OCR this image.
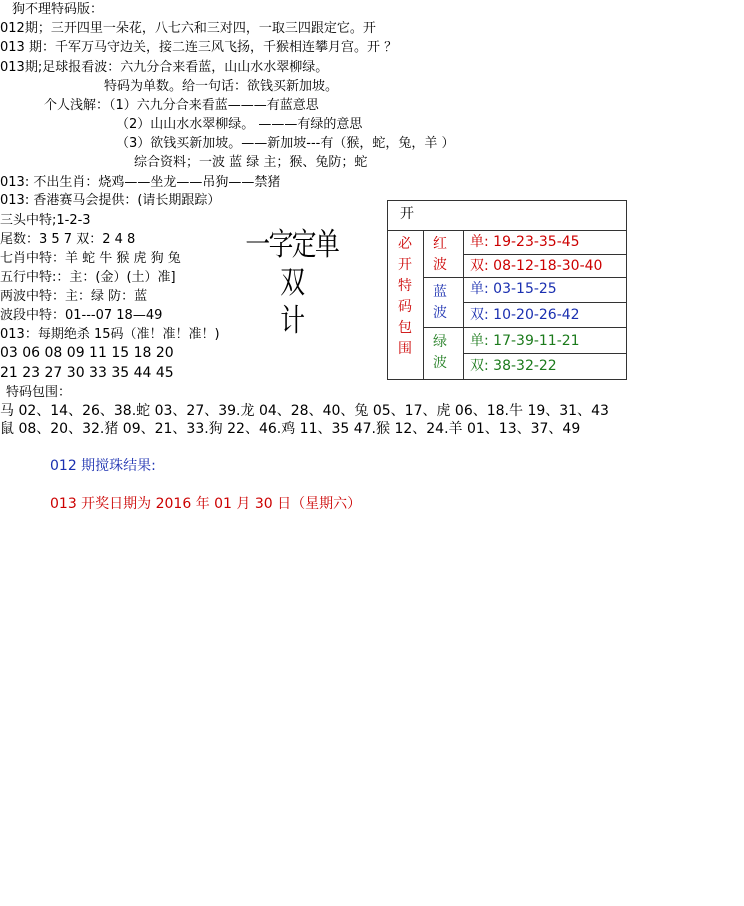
狗不理特码版：
012期；三开四里一朵花，八七六和三对四，一取三四跟定它。开
013 期：千军万马守边关，接二连三风飞扬，千猴相连攀月宫。开 ？
013期;足球报看波：六九分合来看蓝，山山水水翠柳绿。
特码为单数。给一句话：欲钱买新加坡。
个人浅解：（1）六九分合来看蓝———有蓝意思
（2）山山水水翠柳绿。 ———有绿的意思
（3）欲钱买新加坡。——新加坡---有（猴，蛇，兔，羊 ）
综合资料；一波 蓝 绿 主；猴、兔防；蛇
013: 不出生肖：烧鸡——坐龙——吊狗——禁猪
013: 香港赛马会提供：(请长期跟踪）
三头中特;1-2-3
尾数：3 5 7 双：2 4 8
七肖中特：羊 蛇 牛 猴 虎 狗 兔
五行中特:：主：(金）(土）准]
两波中特：主：绿 防：蓝
波段中特：01---07 18—49
013：每期绝杀 15码（准！准！准！)
03 06 08 09 11 15 18 20
21 23 27 30 33 35 44 45
特码包围：
马 02、14、26、38.蛇 03、27、39.龙 04、28、40、兔 05、17、虎 06、18.牛 19、31、43
鼠 08、20、32.猪 09、21、33.狗 22、46.鸡 11、35 47.猴 12、24.羊 01、13、37、49
一字定单双
计
开
必开特码包围
红波
蓝波
绿波
单: 19-23-35-45
双: 08-12-18-30-40
单: 03-15-25
双: 10-20-26-42
单: 17-39-11-21
双: 38-32-22
012 期搅珠结果:
013 开奖日期为 2016 年 01 月 30 日（星期六）
